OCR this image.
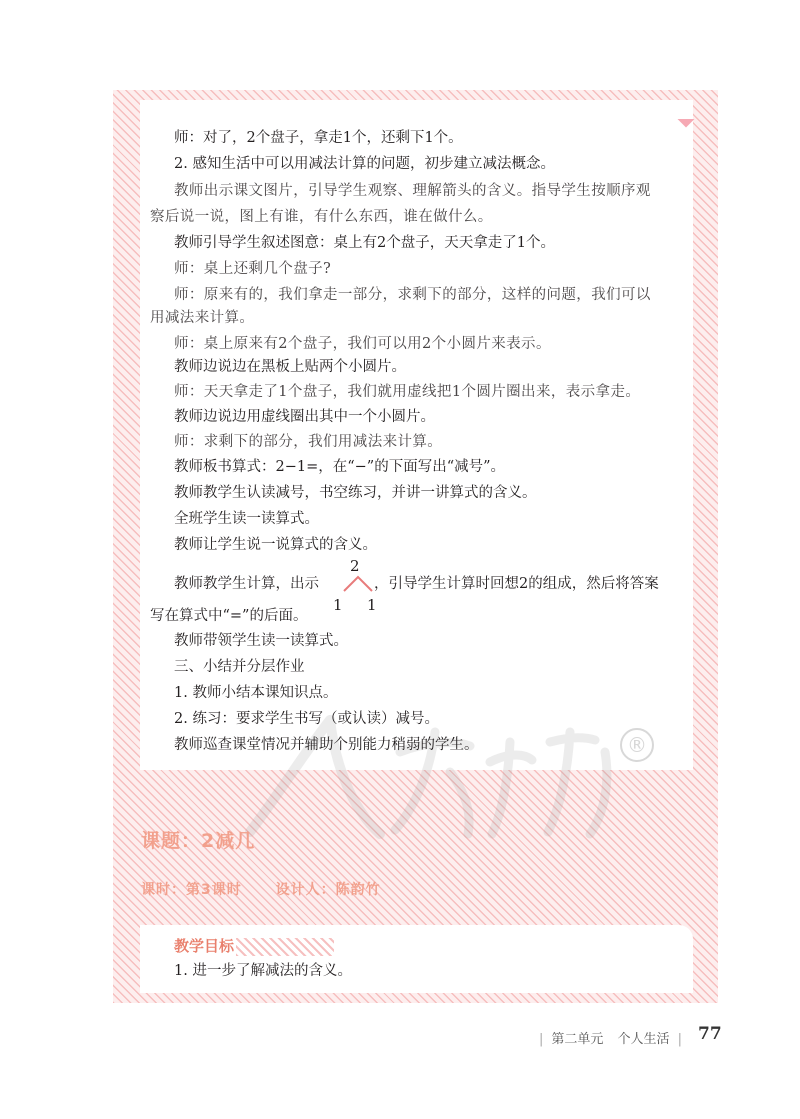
®
师：对了，2个盘子，拿走1个，还剩下1个。
2. 感知生活中可以用减法计算的问题，初步建立减法概念。
教师出示课文图片，引导学生观察、理解箭头的含义。指导学生按顺序观
察后说一说，图上有谁，有什么东西，谁在做什么。
教师引导学生叙述图意：桌上有2个盘子，天天拿走了1个。
师：桌上还剩几个盘子?
师：原来有的，我们拿走一部分，求剩下的部分，这样的问题，我们可以
用减法来计算。
师：桌上原来有2个盘子，我们可以用2个小圆片来表示。
教师边说边在黑板上贴两个小圆片。
师：天天拿走了1个盘子，我们就用虚线把1个圆片圈出来，表示拿走。
教师边说边用虚线圈出其中一个小圆片。
师：求剩下的部分，我们用减法来计算。
教师板书算式：2−1=，在“−”的下面写出“减号”。
教师教学生认读减号，书空练习，并讲一讲算式的含义。
全班学生读一读算式。
教师让学生说一说算式的含义。
教师教学生计算，出示
2
1 1
，引导学生计算时回想2的组成，然后将答案
写在算式中“=”的后面。
教师带领学生读一读算式。
三、小结并分层作业
1. 教师小结本课知识点。
2. 练习：要求学生书写（或认读）减号。
教师巡查课堂情况并辅助个别能力稍弱的学生。
课题：2减几
课时：第3课时 设计人：陈韵竹
教学目标
1. 进一步了解减法的含义。
| 第二单元 个人生活 | 77
